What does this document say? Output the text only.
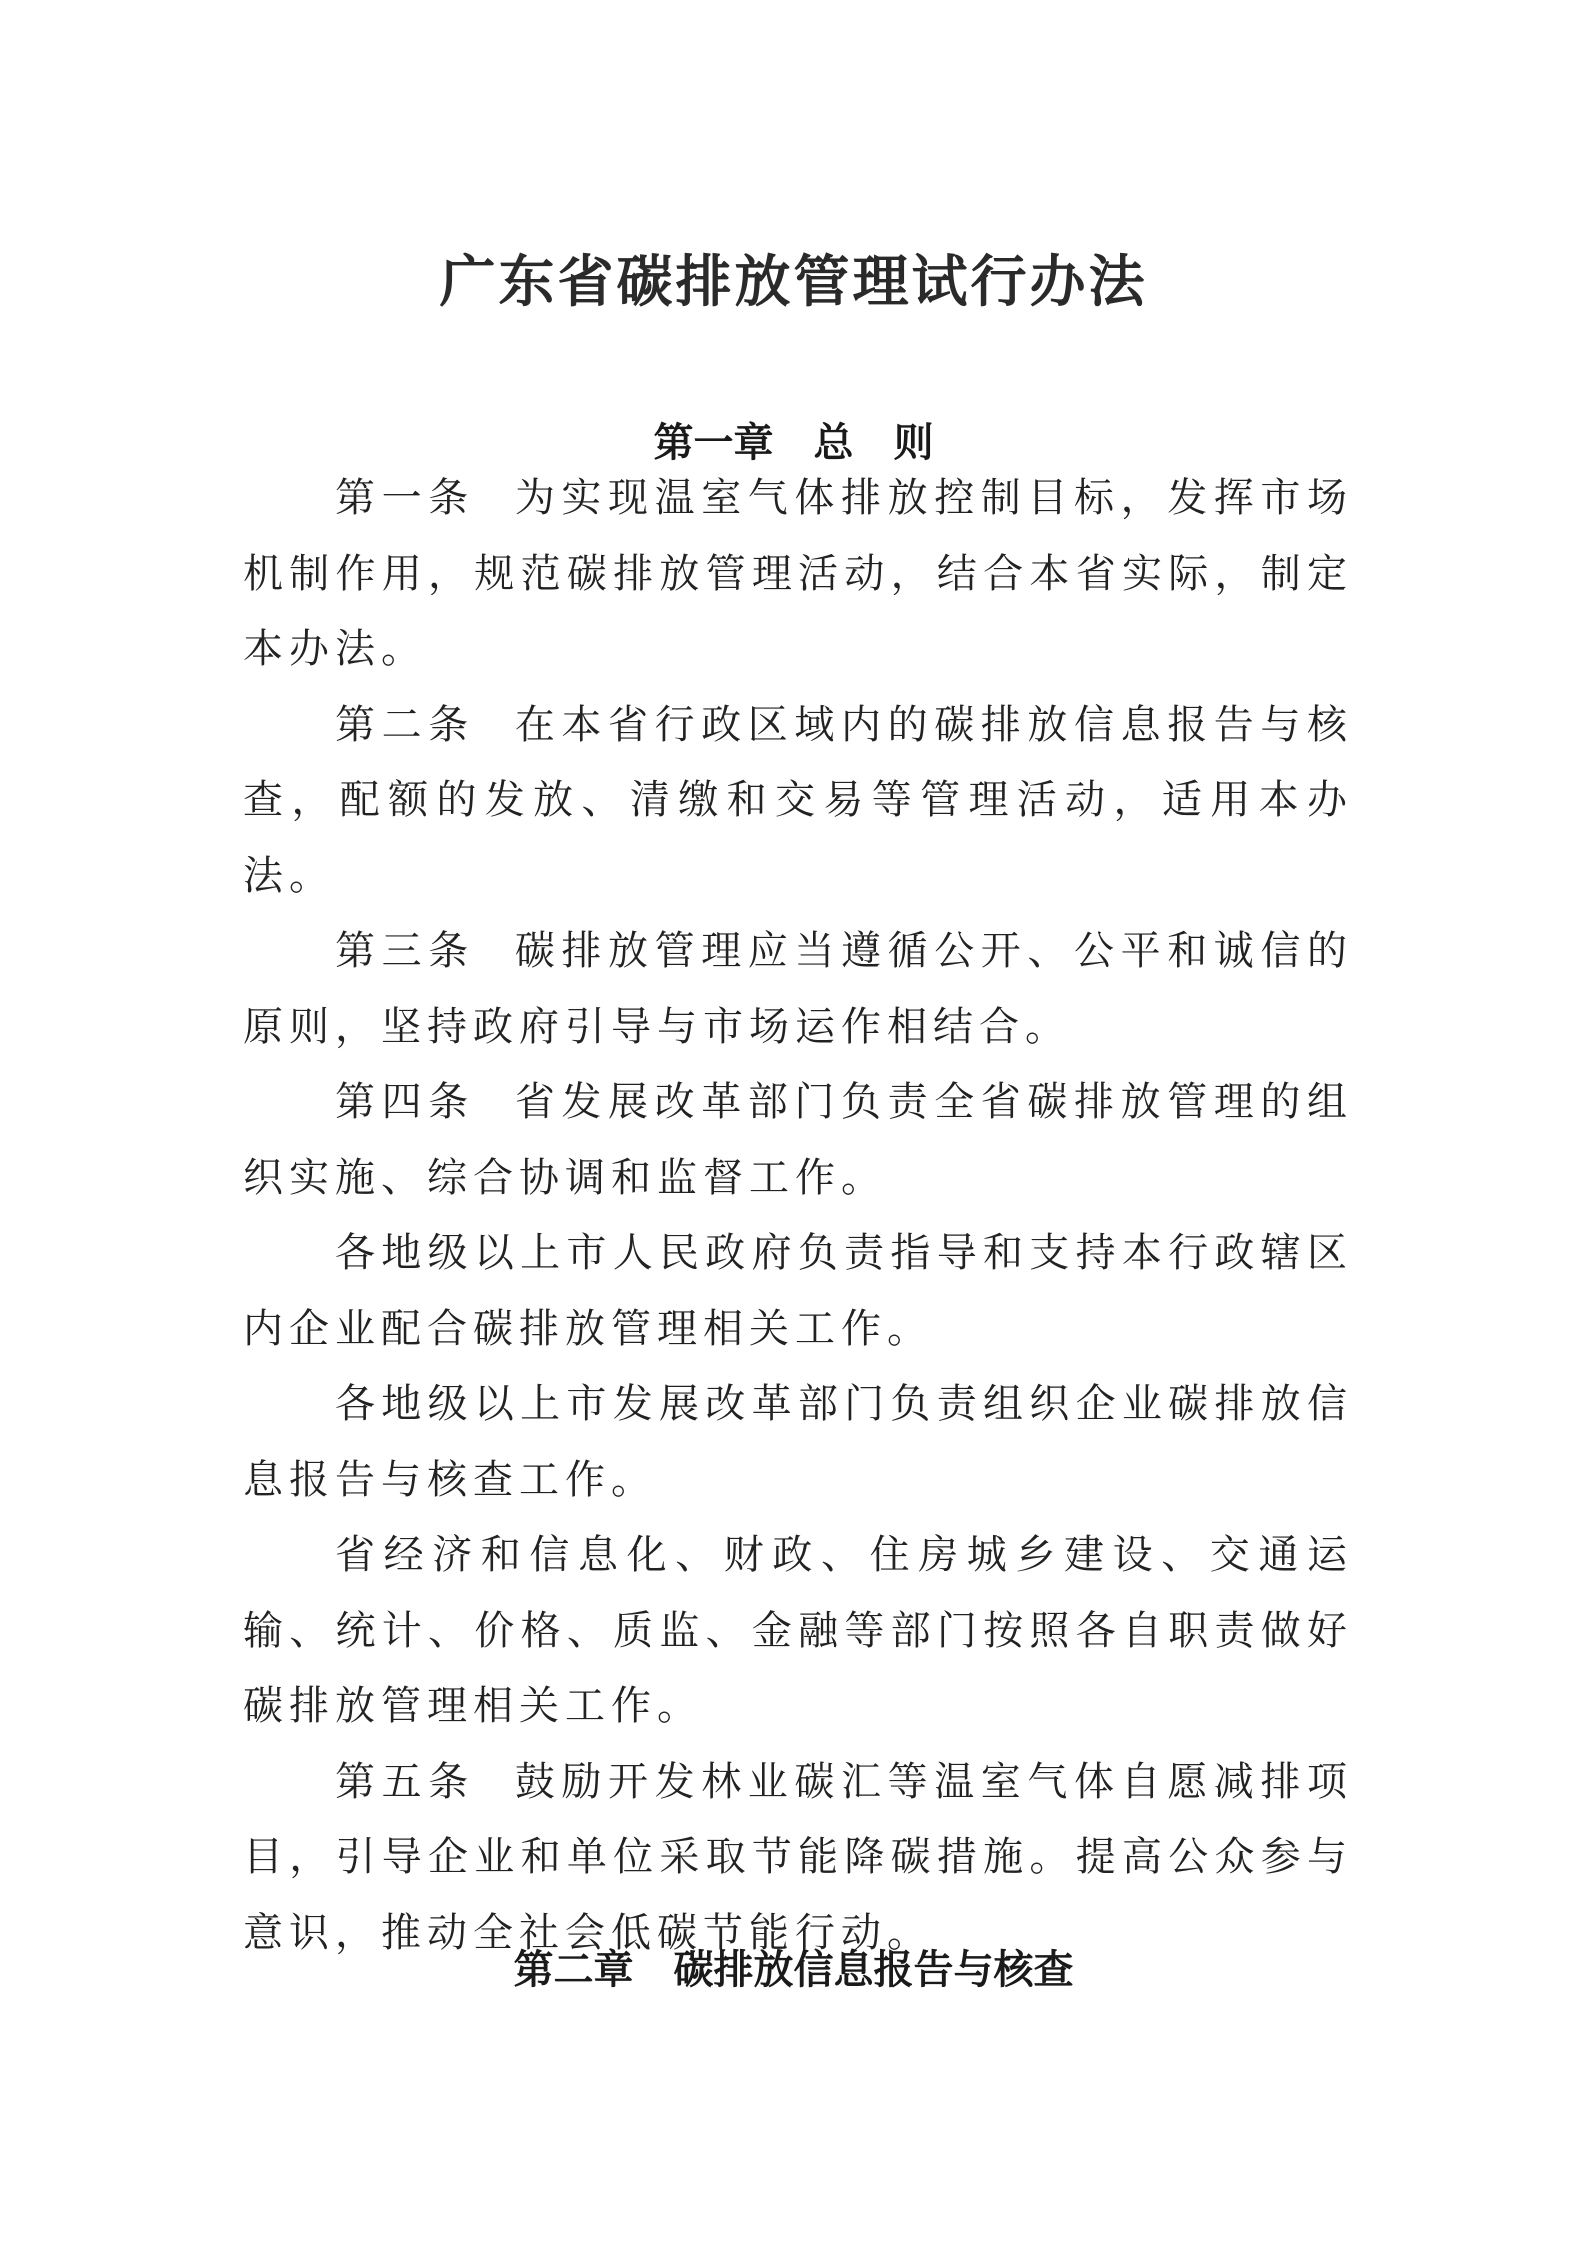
广东省碳排放管理试行办法
第一章　总　则

第一条 为实现温室气体排放控制目标，发挥市场机制作用，规范碳排放管理活动，结合本省实际，制定本办法。

第二条 在本省行政区域内的碳排放信息报告与核查，配额的发放、清缴和交易等管理活动，适用本办法。

第三条 碳排放管理应当遵循公开、公平和诚信的原则，坚持政府引导与市场运作相结合。

第四条 省发展改革部门负责全省碳排放管理的组织实施、综合协调和监督工作。

各地级以上市人民政府负责指导和支持本行政辖区内企业配合碳排放管理相关工作。

各地级以上市发展改革部门负责组织企业碳排放信息报告与核查工作。

省经济和信息化、财政、住房城乡建设、交通运输、统计、价格、质监、金融等部门按照各自职责做好碳排放管理相关工作。

第五条 鼓励开发林业碳汇等温室气体自愿减排项目，引导企业和单位采取节能降碳措施。提高公众参与意识，推动全社会低碳节能行动。

第二章　碳排放信息报告与核查
